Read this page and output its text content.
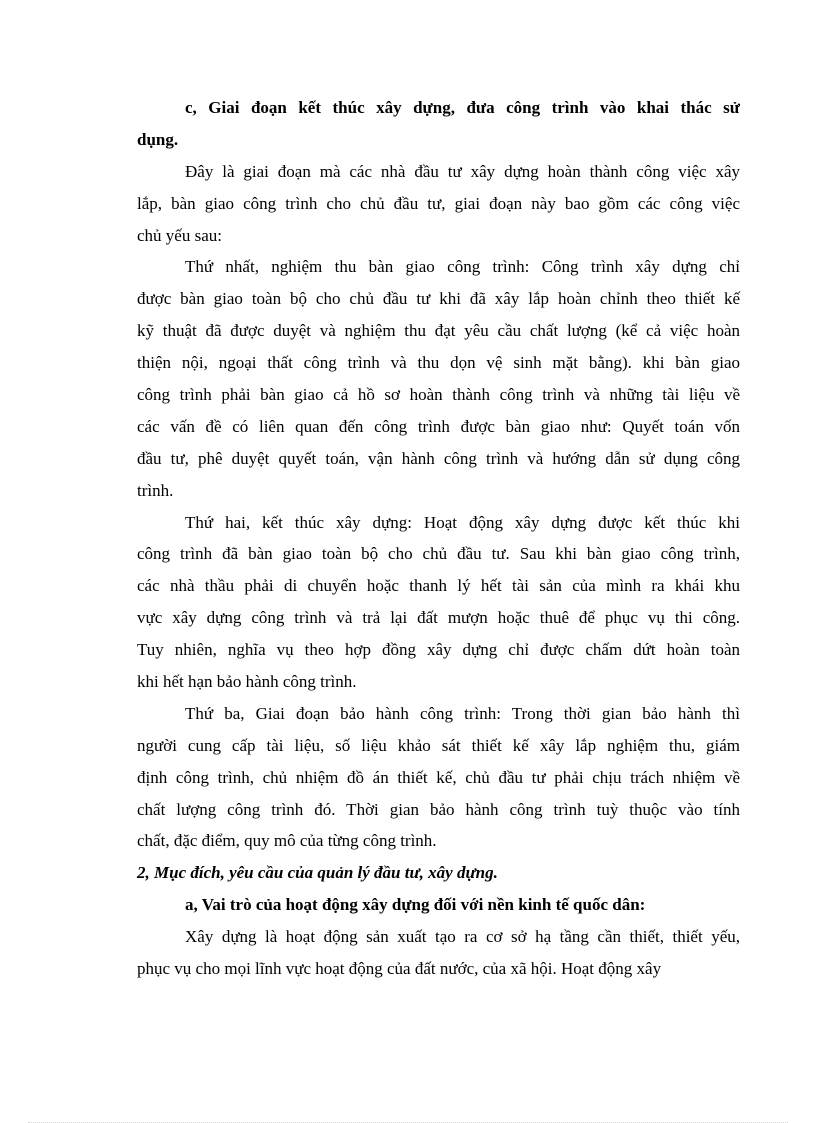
c, Giai đoạn kết thúc xây dựng, đưa công trình vào khai thác sử
dụng.
Đây là giai đoạn mà các nhà đầu tư xây dựng hoàn thành công việc xây
lắp, bàn giao công trình cho chủ đầu tư, giai đoạn này bao gồm các công việc
chủ yếu sau:
Thứ nhất, nghiệm thu bàn giao công trình: Công trình xây dựng chỉ
được bàn giao toàn bộ cho chủ đầu tư khi đã xây lắp hoàn chỉnh theo thiết kế
kỹ thuật đã được duyệt và nghiệm thu đạt yêu cầu chất lượng (kể cả việc hoàn
thiện nội, ngoại thất công trình và thu dọn vệ sinh mặt bằng). khi bàn giao
công trình phải bàn giao cả hồ sơ hoàn thành công trình và những tài liệu về
các vấn đề có liên quan đến công trình được bàn giao như: Quyết toán vốn
đầu tư, phê duyệt quyết toán, vận hành công trình và hướng dẫn sử dụng công
trình.
Thứ hai, kết thúc xây dựng: Hoạt động xây dựng được kết thúc khi
công trình đã bàn giao toàn bộ cho chủ đầu tư. Sau khi bàn giao công trình,
các nhà thầu phải di chuyển hoặc thanh lý hết tài sản của mình ra khái khu
vực xây dựng công trình và trả lại đất mượn hoặc thuê để phục vụ thi công.
Tuy nhiên, nghĩa vụ theo hợp đồng xây dựng chỉ được chấm dứt hoàn toàn
khi hết hạn bảo hành công trình.
Thứ ba, Giai đoạn bảo hành công trình: Trong thời gian bảo hành thì
người cung cấp tài liệu, số liệu khảo sát thiết kế xây lắp nghiệm thu, giám
định công trình, chủ nhiệm đồ án thiết kế, chủ đầu tư phải chịu trách nhiệm về
chất lượng công trình đó. Thời gian bảo hành công trình tuỳ thuộc vào tính
chất, đặc điểm, quy mô của từng công trình.
2, Mục đích, yêu cầu của quản lý đầu tư, xây dựng.
a, Vai trò của hoạt động xây dựng đối với nền kinh tế quốc dân:
Xây dựng là hoạt động sản xuất tạo ra cơ sở hạ tầng cần thiết, thiết yếu,
phục vụ cho mọi lĩnh vực hoạt động của đất nước, của xã hội. Hoạt động xây
